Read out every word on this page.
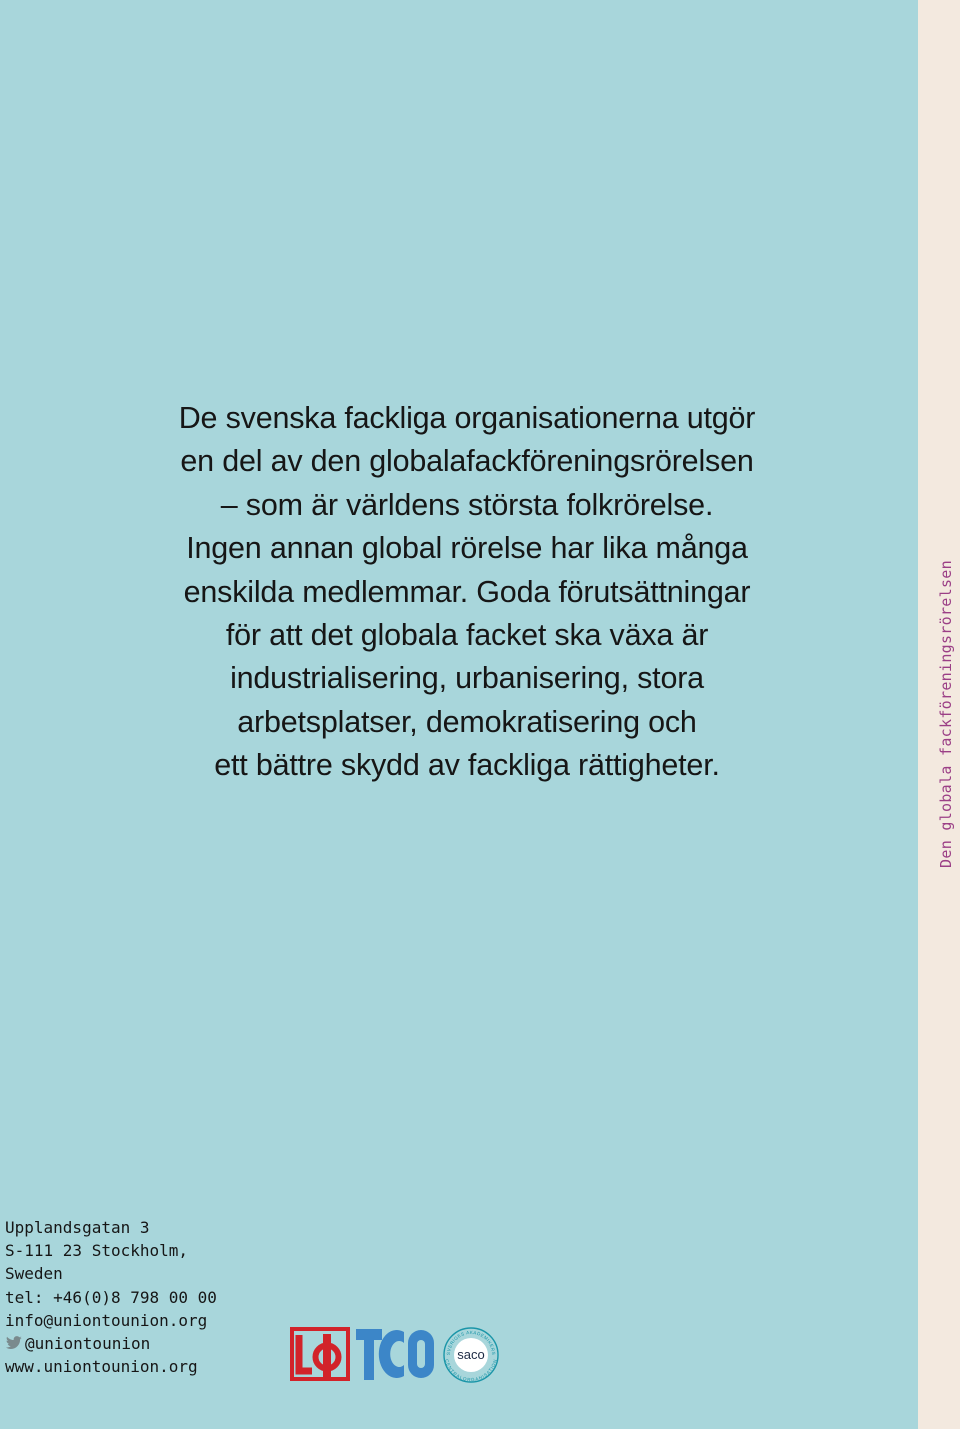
Den globala fackföreningsrörelsen
De svenska fackliga organisationerna utgör
en del av den globalafackföreningsrörelsen
– som är världens största folkrörelse.
Ingen annan global rörelse har lika många
enskilda medlemmar. Goda förutsättningar
för att det globala facket ska växa är
industrialisering, urbanisering, stora
arbetsplatser, demokratisering och
ett bättre skydd av fackliga rättigheter.
Upplandsgatan 3
S-111 23 Stockholm,
Sweden
tel: +46(0)8 798 00 00
info@uniontounion.org
@uniontounion
www.uniontounion.org
SVERIGES AKADEMIKERS
CENTRALORGANISATION
saco
